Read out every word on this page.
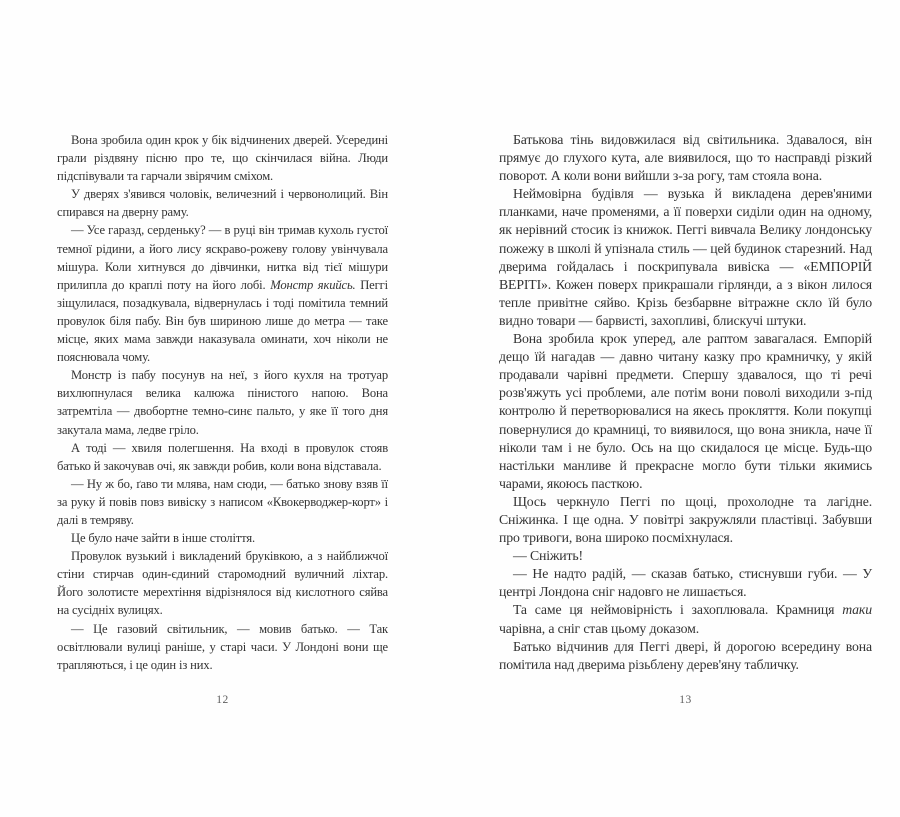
Вона зробила один крок у бік відчинених дверей. Усередині грали різдвяну пісню про те, що скінчилася війна. Люди підспівували та гарчали звірячим сміхом.

У дверях з'явився чоловік, величезний і червонолиций. Він спирався на дверну раму.

— Усе гаразд, серденьку? — в руці він тримав кухоль густої темної рідини, а його лису яскраво-рожеву голову увінчувала мішура. Коли хитнувся до дівчинки, нитка від тієї мішури прилипла до краплі поту на його лобі. Монстр якийсь. Пеггі зіщулилася, позадкувала, відвернулась і тоді помітила темний провулок біля пабу. Він був шириною лише до метра — таке місце, яких мама завжди наказувала оминати, хоч ніколи не пояснювала чому.

Монстр із пабу посунув на неї, з його кухля на тротуар вихлюпнулася велика калюжа пінистого напою. Вона затремтіла — двобортне темно-синє пальто, у яке її того дня закутала мама, ледве гріло.

А тоді — хвиля полегшення. На вході в провулок стояв батько й закочував очі, як завжди робив, коли вона відставала.

— Ну ж бо, ґаво ти млява, нам сюди, — батько знову взяв її за руку й повів повз вивіску з написом «Квокерводжер-корт» і далі в темряву.

Це було наче зайти в інше століття.

Провулок вузький і викладений бруківкою, а з найближчої стіни стирчав один-єдиний старомодний вуличний ліхтар. Його золотисте мерехтіння відрізнялося від кислотного сяйва на сусідніх вулицях.

— Це газовий світильник, — мовив батько. — Так освітлювали вулиці раніше, у старі часи. У Лондоні вони ще трапляються, і це один із них.

12

Батькова тінь видовжилася від світильника. Здавалося, він прямує до глухого кута, але виявилося, що то насправді різкий поворот. А коли вони вийшли з-за рогу, там стояла вона.

Неймовірна будівля — вузька й викладена дерев'яними планками, наче променями, а її поверхи сиділи один на одному, як нерівний стосик із книжок. Пеггі вивчала Велику лондонську пожежу в школі й упізнала стиль — цей будинок старезний. Над дверима гойдалась і поскрипувала вивіска — «ЕМПОРІЙ ВЕРІТІ». Кожен поверх прикрашали гірлянди, а з вікон лилося тепле привітне сяйво. Крізь безбарвне вітражне скло їй було видно товари — барвисті, захопливі, блискучі штуки.

Вона зробила крок уперед, але раптом завагалася. Емпорій дещо їй нагадав — давно читану казку про крамничку, у якій продавали чарівні предмети. Спершу здавалося, що ті речі розв'яжуть усі проблеми, але потім вони поволі виходили з-під контролю й перетворювалися на якесь прокляття. Коли покупці повернулися до крамниці, то виявилося, що вона зникла, наче її ніколи там і не було. Ось на що скидалося це місце. Будь-що настільки манливе й прекрасне могло бути тільки якимись чарами, якоюсь пасткою.

Щось черкнуло Пеггі по щоці, прохолодне та лагідне. Сніжинка. І ще одна. У повітрі закружляли пластівці. Забувши про тривоги, вона широко посміхнулася.

— Сніжить!

— Не надто радій, — сказав батько, стиснувши губи. — У центрі Лондона сніг надовго не лишається.

Та саме ця неймовірність і захоплювала. Крамниця таки чарівна, а сніг став цьому доказом.

Батько відчинив для Пеггі двері, й дорогою всередину вона помітила над дверима різьблену дерев'яну табличку.

13
